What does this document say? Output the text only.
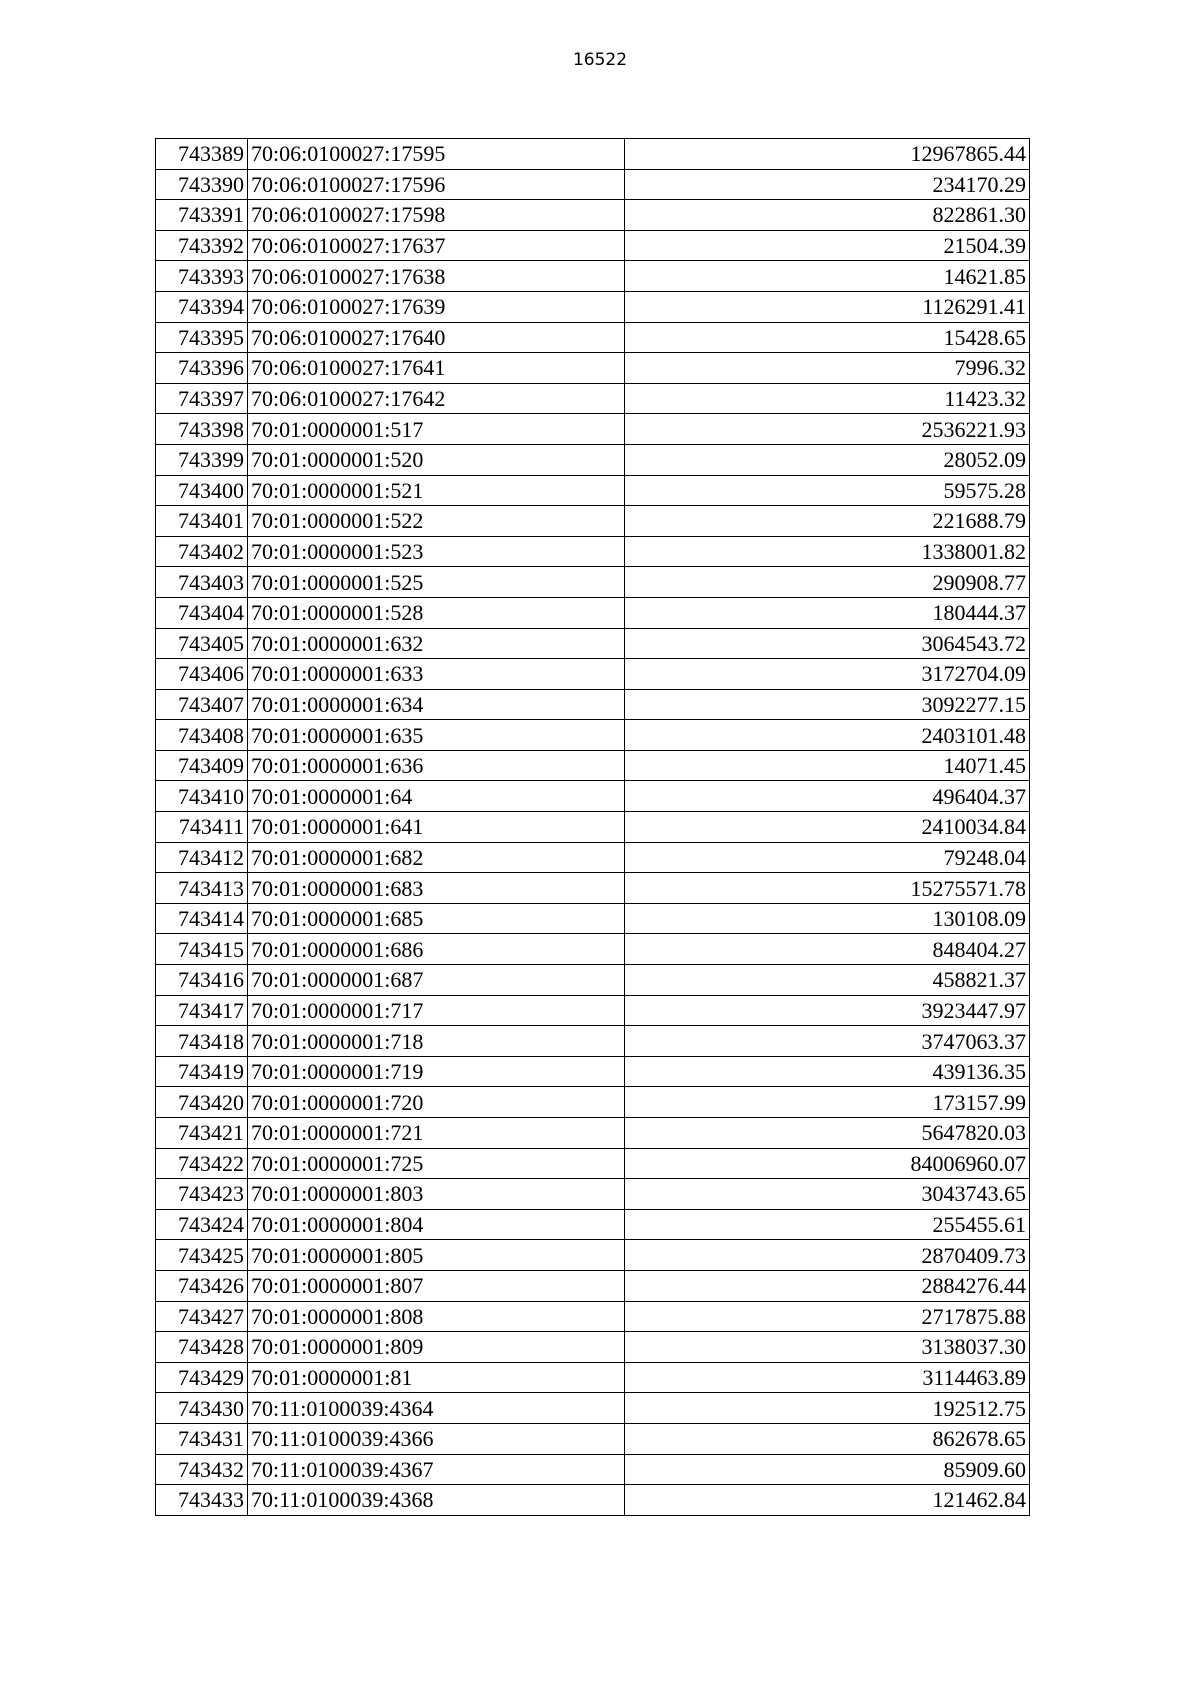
16522
743389	70:06:0100027:17595	12967865.44
743390	70:06:0100027:17596	234170.29
743391	70:06:0100027:17598	822861.30
743392	70:06:0100027:17637	21504.39
743393	70:06:0100027:17638	14621.85
743394	70:06:0100027:17639	1126291.41
743395	70:06:0100027:17640	15428.65
743396	70:06:0100027:17641	7996.32
743397	70:06:0100027:17642	11423.32
743398	70:01:0000001:517	2536221.93
743399	70:01:0000001:520	28052.09
743400	70:01:0000001:521	59575.28
743401	70:01:0000001:522	221688.79
743402	70:01:0000001:523	1338001.82
743403	70:01:0000001:525	290908.77
743404	70:01:0000001:528	180444.37
743405	70:01:0000001:632	3064543.72
743406	70:01:0000001:633	3172704.09
743407	70:01:0000001:634	3092277.15
743408	70:01:0000001:635	2403101.48
743409	70:01:0000001:636	14071.45
743410	70:01:0000001:64	496404.37
743411	70:01:0000001:641	2410034.84
743412	70:01:0000001:682	79248.04
743413	70:01:0000001:683	15275571.78
743414	70:01:0000001:685	130108.09
743415	70:01:0000001:686	848404.27
743416	70:01:0000001:687	458821.37
743417	70:01:0000001:717	3923447.97
743418	70:01:0000001:718	3747063.37
743419	70:01:0000001:719	439136.35
743420	70:01:0000001:720	173157.99
743421	70:01:0000001:721	5647820.03
743422	70:01:0000001:725	84006960.07
743423	70:01:0000001:803	3043743.65
743424	70:01:0000001:804	255455.61
743425	70:01:0000001:805	2870409.73
743426	70:01:0000001:807	2884276.44
743427	70:01:0000001:808	2717875.88
743428	70:01:0000001:809	3138037.30
743429	70:01:0000001:81	3114463.89
743430	70:11:0100039:4364	192512.75
743431	70:11:0100039:4366	862678.65
743432	70:11:0100039:4367	85909.60
743433	70:11:0100039:4368	121462.84
